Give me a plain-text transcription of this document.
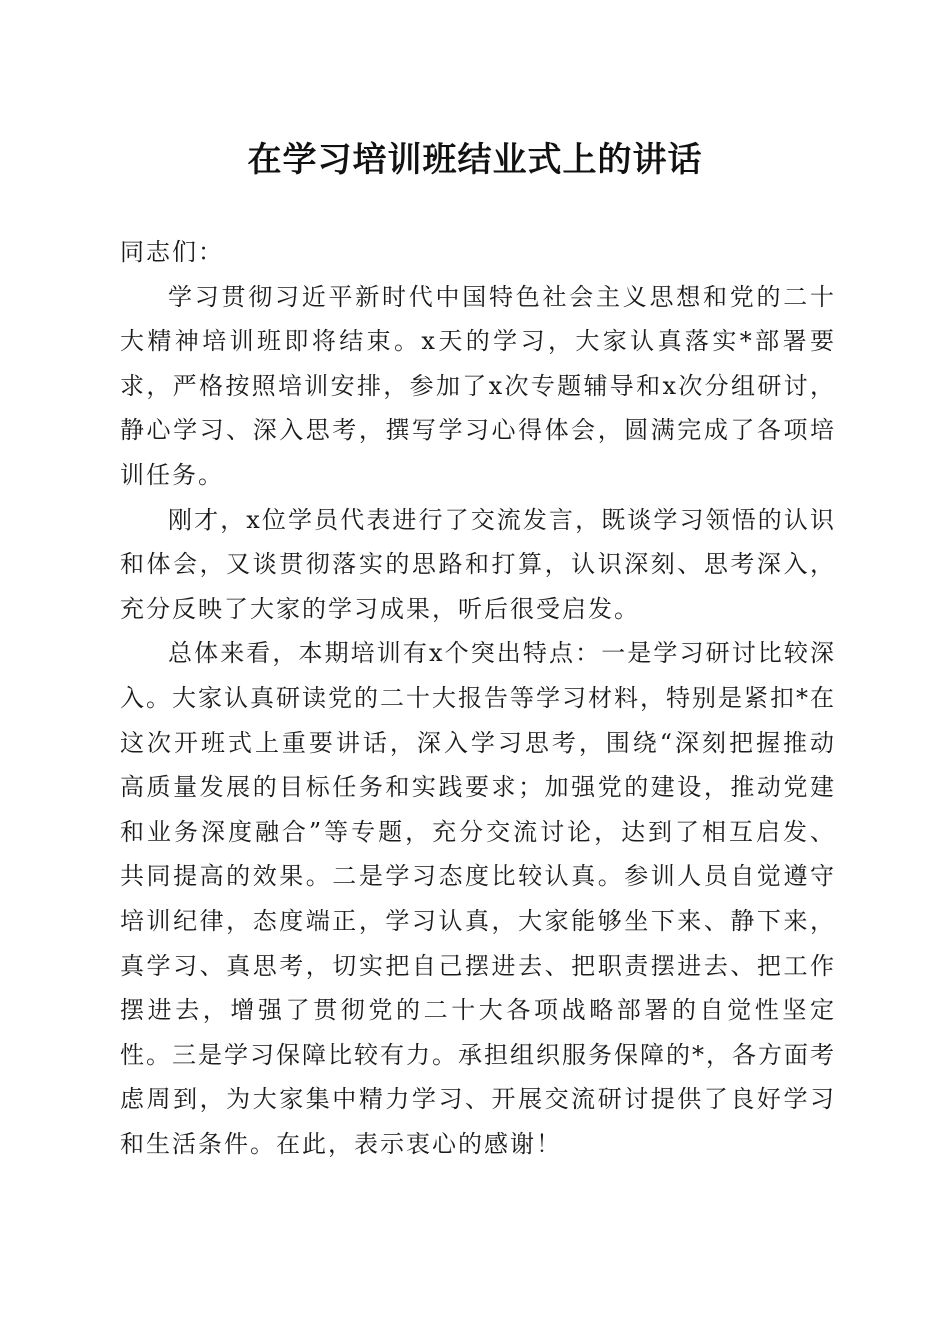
在学习培训班结业式上的讲话

同志们：

学习贯彻习近平新时代中国特色社会主义思想和党的二十大精神培训班即将结束。x天的学习，大家认真落实*部署要求，严格按照培训安排，参加了x次专题辅导和x次分组研讨，静心学习、深入思考，撰写学习心得体会，圆满完成了各项培训任务。

刚才，x位学员代表进行了交流发言，既谈学习领悟的认识和体会，又谈贯彻落实的思路和打算，认识深刻、思考深入，充分反映了大家的学习成果，听后很受启发。

总体来看，本期培训有x个突出特点：一是学习研讨比较深入。大家认真研读党的二十大报告等学习材料，特别是紧扣*在这次开班式上重要讲话，深入学习思考，围绕“深刻把握推动高质量发展的目标任务和实践要求；加强党的建设，推动党建和业务深度融合”等专题，充分交流讨论，达到了相互启发、共同提高的效果。二是学习态度比较认真。参训人员自觉遵守培训纪律，态度端正，学习认真，大家能够坐下来、静下来，真学习、真思考，切实把自己摆进去、把职责摆进去、把工作摆进去，增强了贯彻党的二十大各项战略部署的自觉性坚定性。三是学习保障比较有力。承担组织服务保障的*，各方面考虑周到，为大家集中精力学习、开展交流研讨提供了良好学习和生活条件。在此，表示衷心的感谢！
